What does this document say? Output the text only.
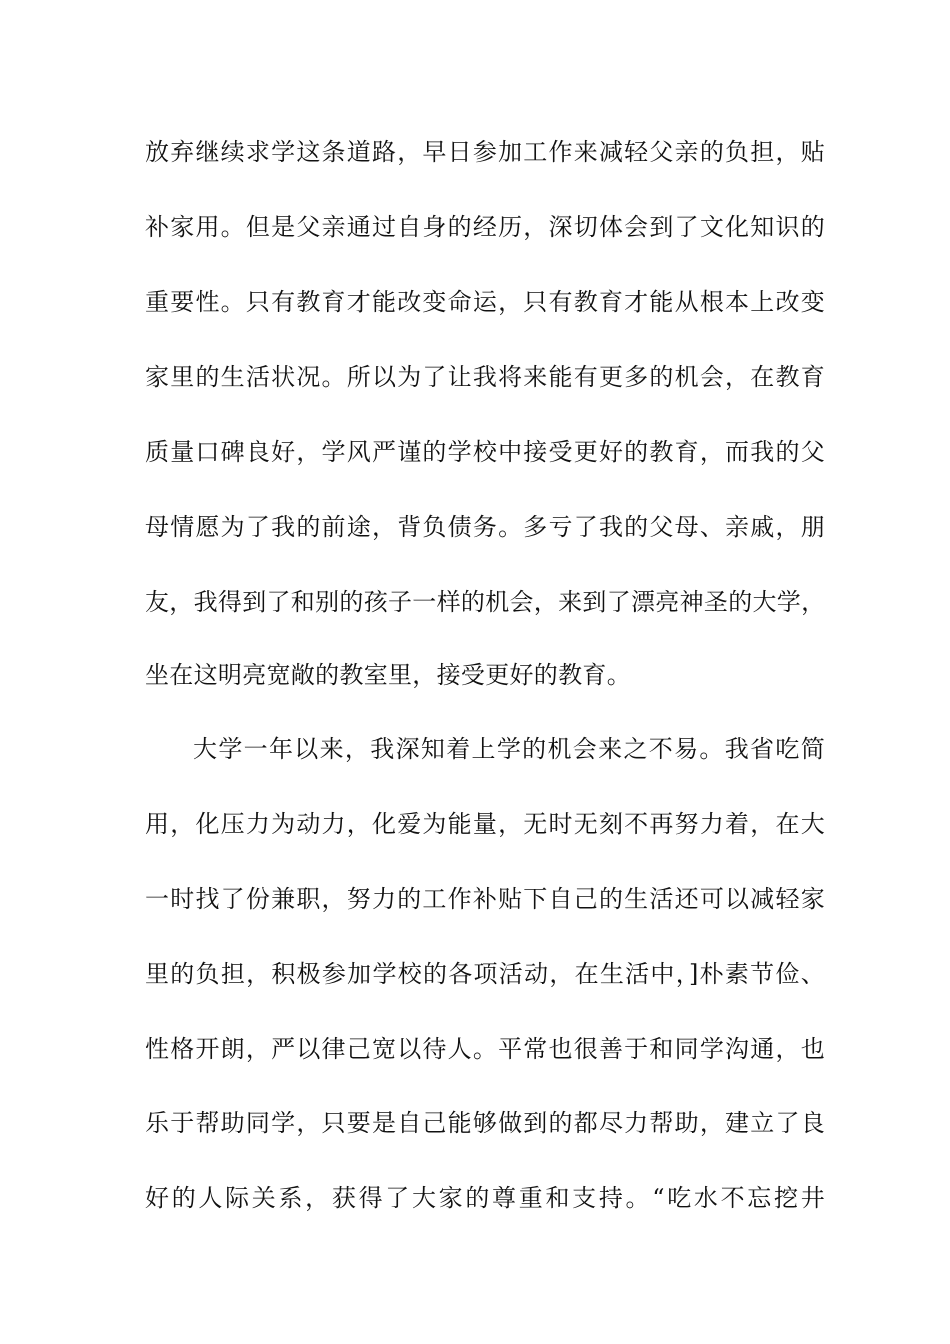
放弃继续求学这条道路，早日参加工作来减轻父亲的负担，贴
补家用。但是父亲通过自身的经历，深切体会到了文化知识的
重要性。只有教育才能改变命运，只有教育才能从根本上改变
家里的生活状况。所以为了让我将来能有更多的机会，在教育
质量口碑良好，学风严谨的学校中接受更好的教育，而我的父
母情愿为了我的前途，背负债务。多亏了我的父母、亲戚，朋
友，我得到了和别的孩子一样的机会，来到了漂亮神圣的大学，
坐在这明亮宽敞的教室里，接受更好的教育。
大学一年以来，我深知着上学的机会来之不易。我省吃简
用，化压力为动力，化爱为能量，无时无刻不再努力着，在大
一时找了份兼职，努力的工作补贴下自己的生活还可以减轻家
里的负担，积极参加学校的各项活动，在生活中，]朴素节俭、
性格开朗，严以律己宽以待人。平常也很善于和同学沟通，也
乐于帮助同学，只要是自己能够做到的都尽力帮助，建立了良
好的人际关系，获得了大家的尊重和支持。“吃水不忘挖井
